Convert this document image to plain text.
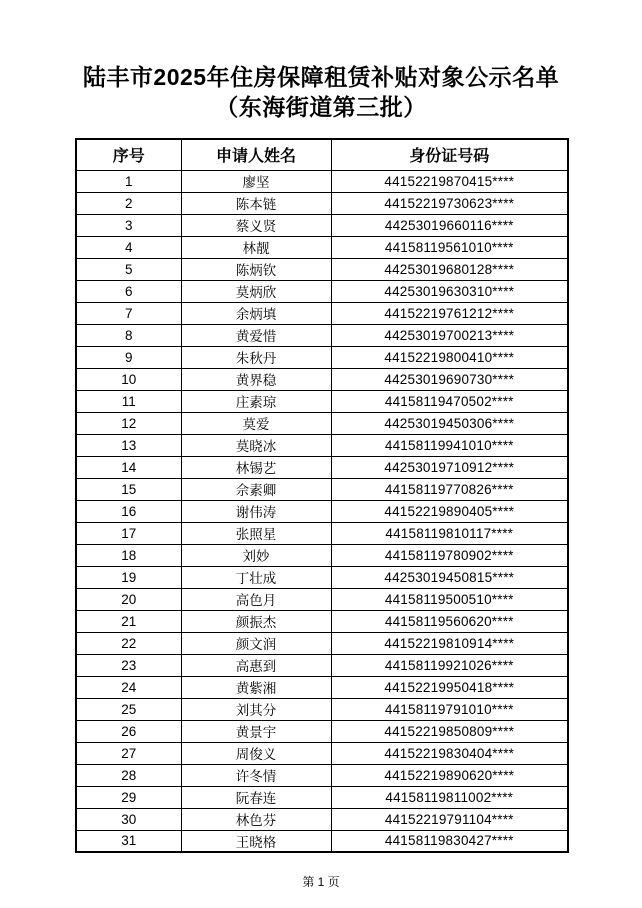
陆丰市2025年住房保障租赁补贴对象公示名单
（东海街道第三批）
序号	申请人姓名	身份证号码
1	廖坚	44152219870415****
2	陈本链	44152219730623****
3	蔡义贤	44253019660116****
4	林靓	44158119561010****
5	陈炳钦	44253019680128****
6	莫炳欣	44253019630310****
7	余炳填	44152219761212****
8	黄爱惜	44253019700213****
9	朱秋丹	44152219800410****
10	黄界稳	44253019690730****
11	庄素琼	44158119470502****
12	莫爱	44253019450306****
13	莫晓冰	44158119941010****
14	林锡艺	44253019710912****
15	佘素卿	44158119770826****
16	谢伟涛	44152219890405****
17	张照星	44158119810117****
18	刘妙	44158119780902****
19	丁壮成	44253019450815****
20	高色月	44158119500510****
21	颜振杰	44158119560620****
22	颜文润	44152219810914****
23	高惠到	44158119921026****
24	黄紫湘	44152219950418****
25	刘其分	44158119791010****
26	黄景宇	44152219850809****
27	周俊义	44152219830404****
28	许冬情	44152219890620****
29	阮春连	44158119811002****
30	林色芬	44152219791104****
31	王晓格	44158119830427****
第 1 页
